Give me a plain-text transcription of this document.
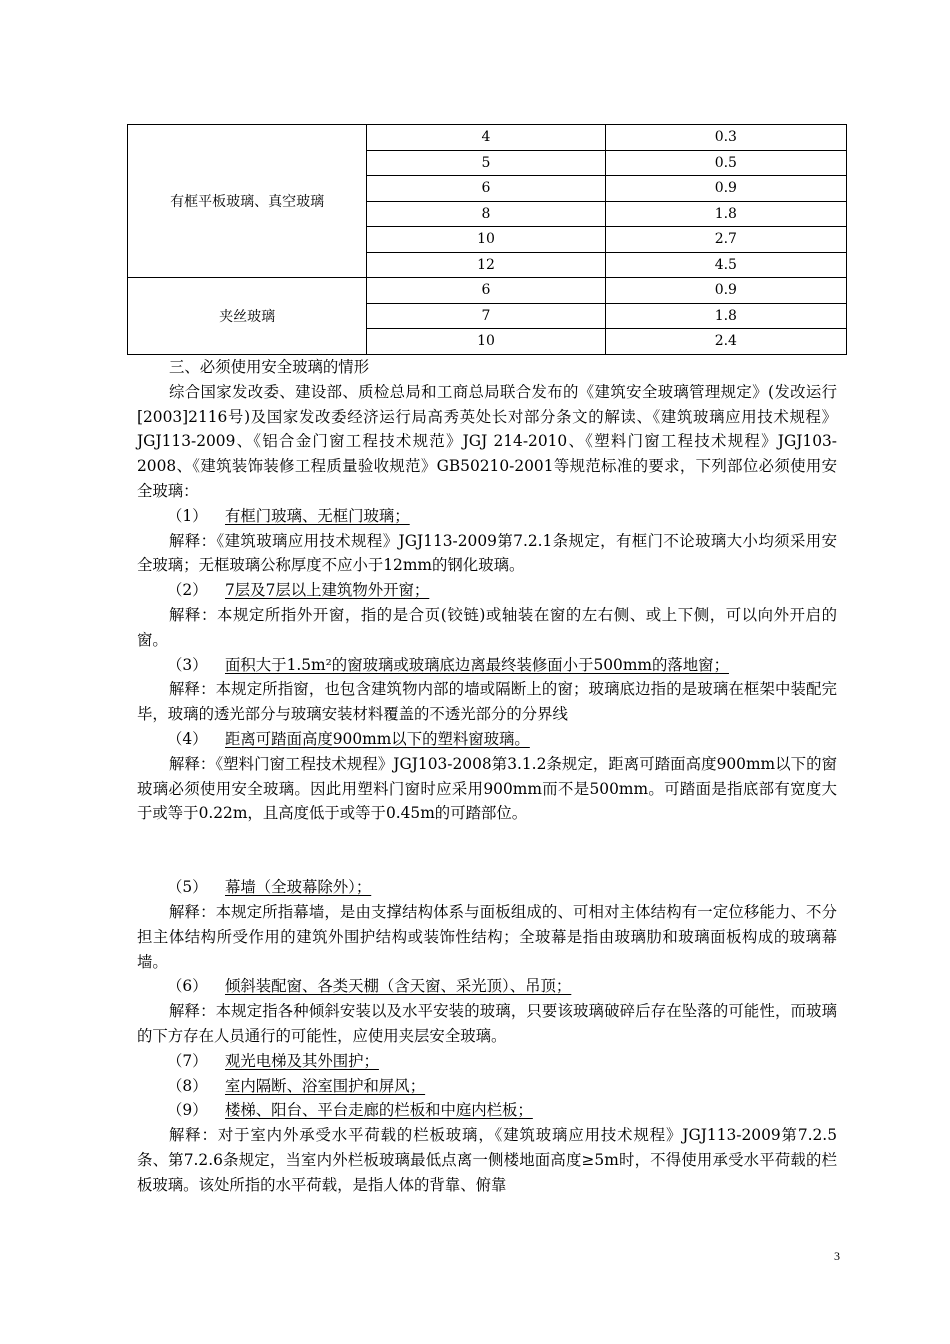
有框平板玻璃、真空玻璃	4	0.3
	5	0.5
	6	0.9
	8	1.8
	10	2.7
	12	4.5
夹丝玻璃	6	0.9
	7	1.8
	10	2.4

三、必须使用安全玻璃的情形

综合国家发改委、建设部、质检总局和工商总局联合发布的《建筑安全玻璃管理规定》(发改运行[2003]2116号)及国家发改委经济运行局高秀英处长对部分条文的解读、《建筑玻璃应用技术规程》JGJ113-2009、《铝合金门窗工程技术规范》JGJ 214-2010、《塑料门窗工程技术规程》JGJ103-2008、《建筑装饰装修工程质量验收规范》GB50210-2001等规范标准的要求，下列部位必须使用安全玻璃：

（1） 有框门玻璃、无框门玻璃；

解释：《建筑玻璃应用技术规程》JGJ113-2009第7.2.1条规定，有框门不论玻璃大小均须采用安全玻璃；无框玻璃公称厚度不应小于12mm的钢化玻璃。

（2） 7层及7层以上建筑物外开窗；

解释：本规定所指外开窗，指的是合页(铰链)或轴装在窗的左右侧、或上下侧，可以向外开启的窗。

（3） 面积大于1.5m²的窗玻璃或玻璃底边离最终装修面小于500mm的落地窗；

解释：本规定所指窗，也包含建筑物内部的墙或隔断上的窗；玻璃底边指的是玻璃在框架中装配完毕，玻璃的透光部分与玻璃安装材料覆盖的不透光部分的分界线

（4） 距离可踏面高度900mm以下的塑料窗玻璃。

解释：《塑料门窗工程技术规程》JGJ103-2008第3.1.2条规定，距离可踏面高度900mm以下的窗玻璃必须使用安全玻璃。因此用塑料门窗时应采用900mm而不是500mm。可踏面是指底部有宽度大于或等于0.22m，且高度低于或等于0.45m的可踏部位。

（5） 幕墙（全玻幕除外）；

解释：本规定所指幕墙，是由支撑结构体系与面板组成的、可相对主体结构有一定位移能力、不分担主体结构所受作用的建筑外围护结构或装饰性结构；全玻幕是指由玻璃肋和玻璃面板构成的玻璃幕墙。

（6） 倾斜装配窗、各类天棚（含天窗、采光顶）、吊顶；

解释：本规定指各种倾斜安装以及水平安装的玻璃，只要该玻璃破碎后存在坠落的可能性，而玻璃的下方存在人员通行的可能性，应使用夹层安全玻璃。

（7） 观光电梯及其外围护；

（8） 室内隔断、浴室围护和屏风；

（9） 楼梯、阳台、平台走廊的栏板和中庭内栏板；

解释：对于室内外承受水平荷载的栏板玻璃，《建筑玻璃应用技术规程》JGJ113-2009第7.2.5条、第7.2.6条规定，当室内外栏板玻璃最低点离一侧楼地面高度≥5m时，不得使用承受水平荷载的栏板玻璃。该处所指的水平荷载，是指人体的背靠、俯靠

3
